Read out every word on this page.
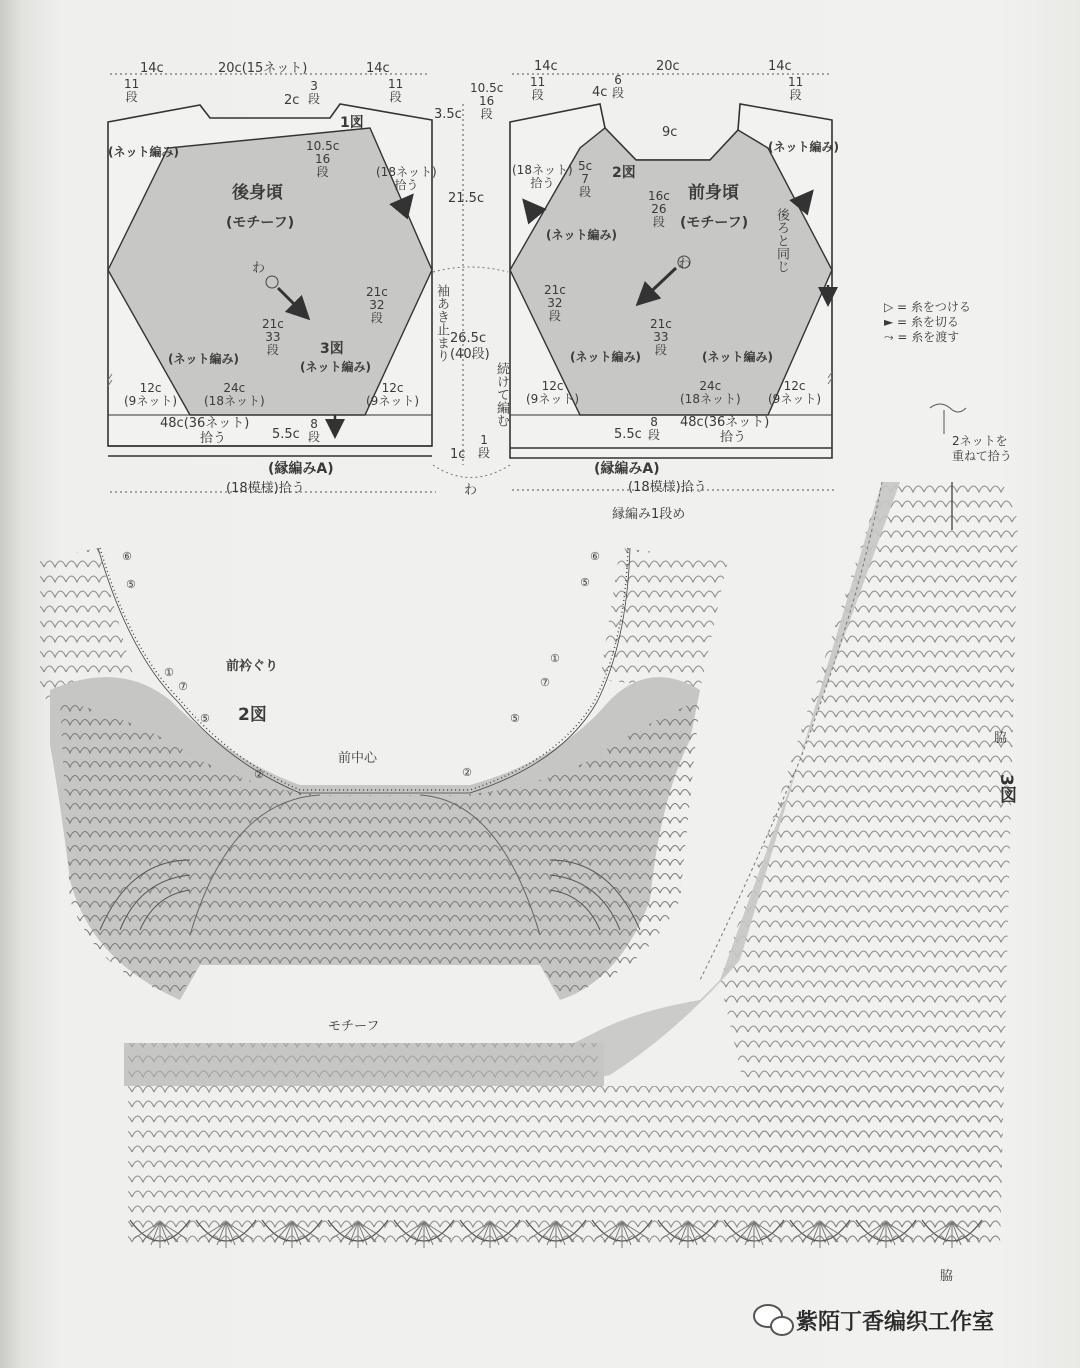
14c	20c(15ネット)	14c
11
段
11
段
2c
3
段
1図
(ネット編み)	10.5c
16
段	(18ネット)
拾う
後身頃
(モチーフ)
わ
21c
32
段
21c
33
段	3図
(ネット編み)
(ネット編み)
12c
(9ネット)
24c
(18ネット)
12c
(9ネット)
48c(36ネット)
拾う	5.5c
8
段
(縁編みA)
(18模様)拾う
3.5c
21.5c
袖あき止まり 26.5c
(40段)
続けて編む
1c
1
段
わ
14c	20c	14c
10.5c
16
段
11
段	4c
6
段
11
段
9c
(ネット編み)
(18ネット)
拾う
5c
7
段
2図
16c
26
段
前身頃
(モチーフ) 後ろと同じ
(ネット編み)
わ
21c
32
段
21c
33
段
(ネット編み)	(ネット編み)
12c
(9ネット)
24c
(18ネット)
12c
(9ネット)
5.5c
8
段
48c(36ネット)
拾う
(縁編みA)
(18模様)拾う
▷ = 糸をつける
► = 糸を切る
⤳ = 糸を渡す
2ネットを
重ねて拾う
縁編み1段め
前衿ぐり
2図
前中心
モチーフ
⑥
⑤
①
⑦
⑤
②
⑥
⑤
①
⑦
⑤
②
脇
3図
脇
紫陌丁香编织工作室
